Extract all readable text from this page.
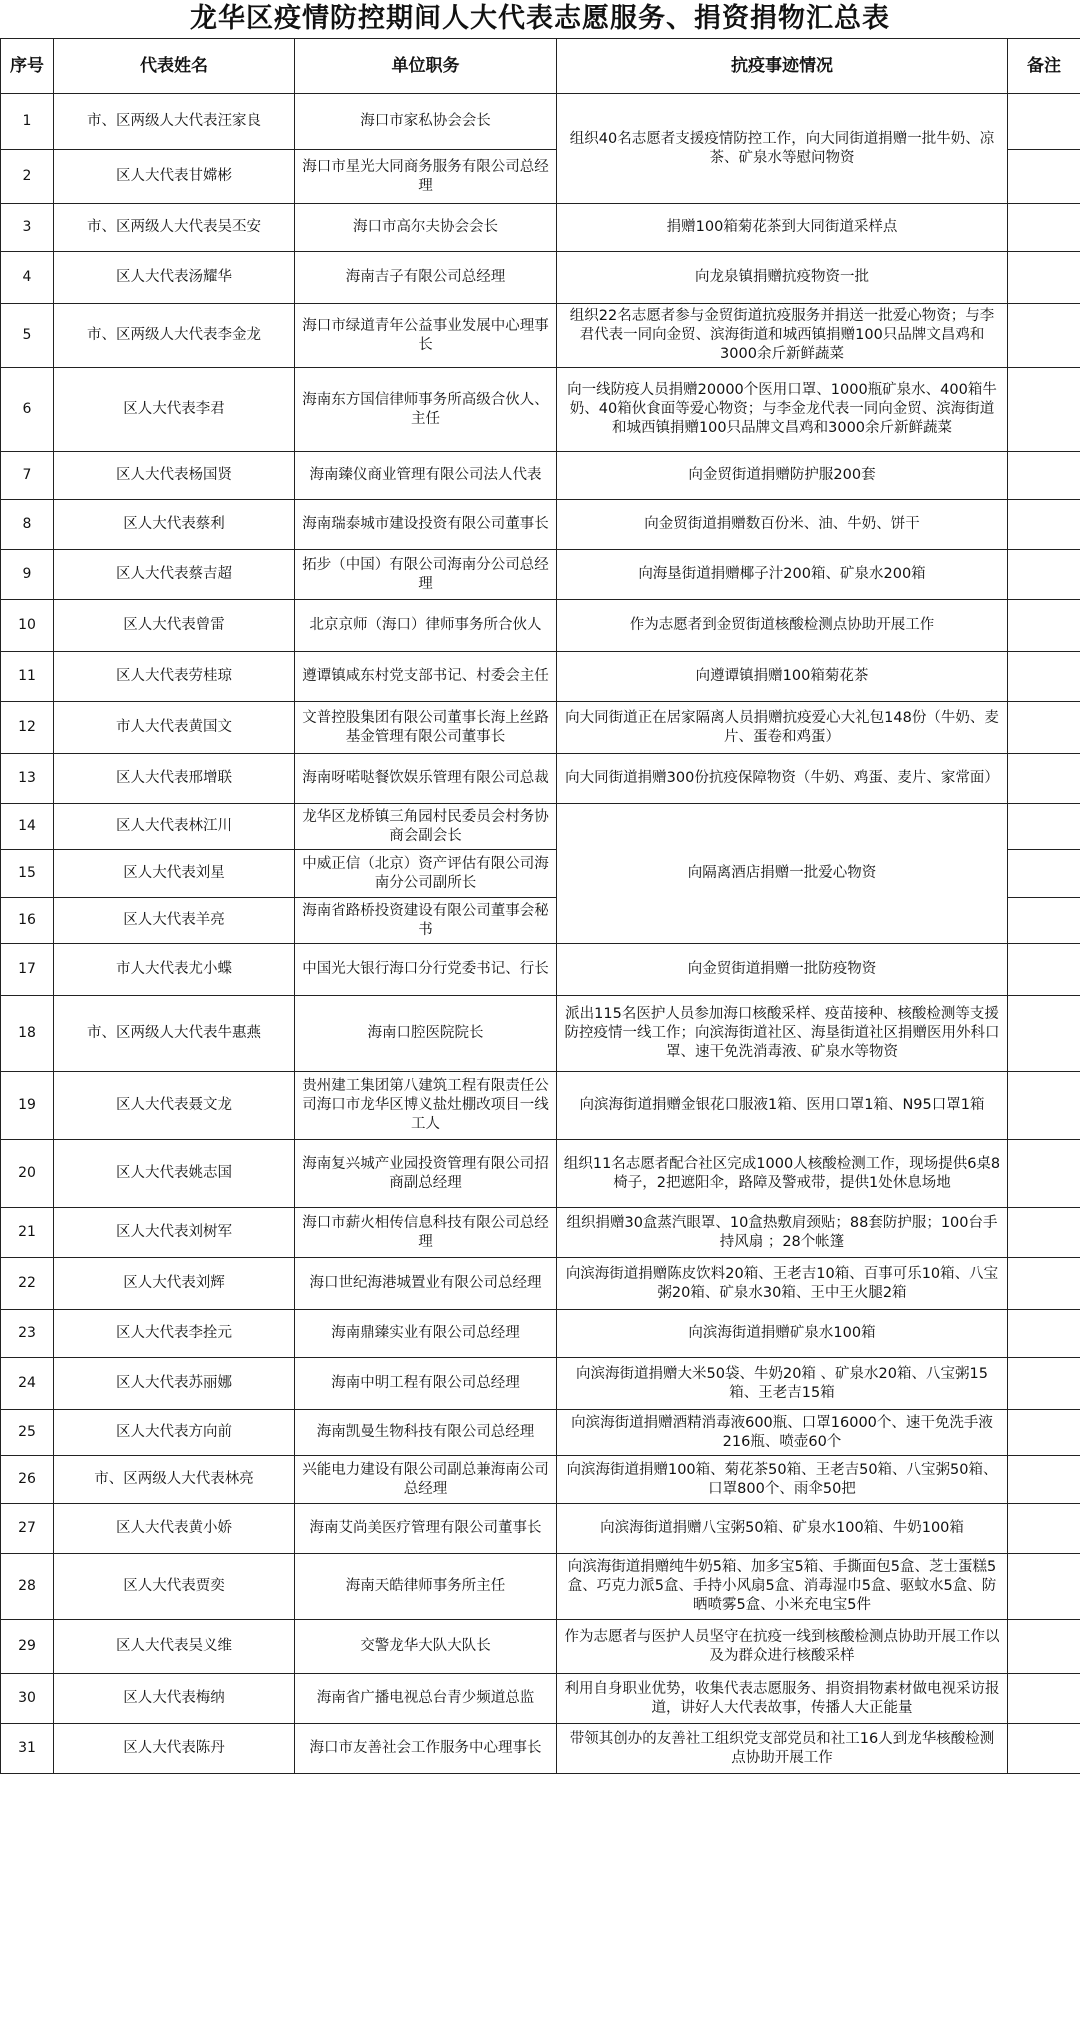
龙华区疫情防控期间人大代表志愿服务、捐资捐物汇总表
序号	代表姓名	单位职务	抗疫事迹情况	备注
1	市、区两级人大代表汪家良	海口市家私协会会长	组织40名志愿者支援疫情防控工作，向大同街道捐赠一批牛奶、凉茶、矿泉水等慰问物资	
2	区人大代表甘嫦彬	海口市星光大同商务服务有限公司总经理		
3	市、区两级人大代表吴丕安	海口市高尔夫协会会长	捐赠100箱菊花茶到大同街道采样点	
4	区人大代表汤耀华	海南吉子有限公司总经理	向龙泉镇捐赠抗疫物资一批	
5	市、区两级人大代表李金龙	海口市绿道青年公益事业发展中心理事长	组织22名志愿者参与金贸街道抗疫服务并捐送一批爱心物资；与李君代表一同向金贸、滨海街道和城西镇捐赠100只品牌文昌鸡和3000余斤新鲜蔬菜	
6	区人大代表李君	海南东方国信律师事务所高级合伙人、主任	向一线防疫人员捐赠20000个医用口罩、1000瓶矿泉水、400箱牛奶、40箱伙食面等爱心物资；与李金龙代表一同向金贸、滨海街道和城西镇捐赠100只品牌文昌鸡和3000余斤新鲜蔬菜	
7	区人大代表杨国贤	海南臻仪商业管理有限公司法人代表	向金贸街道捐赠防护服200套	
8	区人大代表蔡利	海南瑞泰城市建设投资有限公司董事长	向金贸街道捐赠数百份米、油、牛奶、饼干	
9	区人大代表蔡吉超	拓步（中国）有限公司海南分公司总经理	向海垦街道捐赠椰子汁200箱、矿泉水200箱	
10	区人大代表曾雷	北京京师（海口）律师事务所合伙人	作为志愿者到金贸街道核酸检测点协助开展工作	
11	区人大代表劳桂琼	遵谭镇咸东村党支部书记、村委会主任	向遵谭镇捐赠100箱菊花茶	
12	市人大代表黄国文	文普控股集团有限公司董事长海上丝路基金管理有限公司董事长	向大同街道正在居家隔离人员捐赠抗疫爱心大礼包148份（牛奶、麦片、蛋卷和鸡蛋）	
13	区人大代表邢增联	海南呀喏哒餐饮娱乐管理有限公司总裁	向大同街道捐赠300份抗疫保障物资（牛奶、鸡蛋、麦片、家常面）	
14	区人大代表林江川	龙华区龙桥镇三角园村民委员会村务协商会副会长	向隔离酒店捐赠一批爱心物资	
15	区人大代表刘星	中威正信（北京）资产评估有限公司海南分公司副所长		
16	区人大代表羊亮	海南省路桥投资建设有限公司董事会秘书		
17	市人大代表尤小蝶	中国光大银行海口分行党委书记、行长	向金贸街道捐赠一批防疫物资	
18	市、区两级人大代表牛惠燕	海南口腔医院院长	派出115名医护人员参加海口核酸采样、疫苗接种、核酸检测等支援防控疫情一线工作；向滨海街道社区、海垦街道社区捐赠医用外科口罩、速干免洗消毒液、矿泉水等物资	
19	区人大代表聂文龙	贵州建工集团第八建筑工程有限责任公司海口市龙华区博义盐灶棚改项目一线工人	向滨海街道捐赠金银花口服液1箱、医用口罩1箱、N95口罩1箱	
20	区人大代表姚志国	海南复兴城产业园投资管理有限公司招商副总经理	组织11名志愿者配合社区完成1000人核酸检测工作，现场提供6桌8椅子，2把遮阳伞，路障及警戒带，提供1处休息场地	
21	区人大代表刘树军	海口市薪火相传信息科技有限公司总经理	组织捐赠30盒蒸汽眼罩、10盒热敷肩颈贴；88套防护服；100台手持风扇 ；28个帐篷	
22	区人大代表刘辉	海口世纪海港城置业有限公司总经理	向滨海街道捐赠陈皮饮料20箱、王老吉10箱、百事可乐10箱、八宝粥20箱、矿泉水30箱、王中王火腿2箱	
23	区人大代表李拴元	海南鼎臻实业有限公司总经理	向滨海街道捐赠矿泉水100箱	
24	区人大代表苏丽娜	海南中明工程有限公司总经理	向滨海街道捐赠大米50袋、牛奶20箱 、矿泉水20箱、八宝粥15箱、王老吉15箱	
25	区人大代表方向前	海南凯曼生物科技有限公司总经理	向滨海街道捐赠酒精消毒液600瓶、口罩16000个、速干免洗手液216瓶、喷壶60个	
26	市、区两级人大代表林亮	兴能电力建设有限公司副总兼海南公司总经理	向滨海街道捐赠100箱、菊花茶50箱、王老吉50箱、八宝粥50箱、口罩800个、雨伞50把	
27	区人大代表黄小娇	海南艾尚美医疗管理有限公司董事长	向滨海街道捐赠八宝粥50箱、矿泉水100箱、牛奶100箱	
28	区人大代表贾奕	海南天皓律师事务所主任	向滨海街道捐赠纯牛奶5箱、加多宝5箱、手撕面包5盒、芝士蛋糕5盒、巧克力派5盒、手持小风扇5盒、消毒湿巾5盒、驱蚊水5盒、防晒喷雾5盒、小米充电宝5件	
29	区人大代表吴义维	交警龙华大队大队长	作为志愿者与医护人员坚守在抗疫一线到核酸检测点协助开展工作以及为群众进行核酸采样	
30	区人大代表梅纳	海南省广播电视总台青少频道总监	利用自身职业优势，收集代表志愿服务、捐资捐物素材做电视采访报道，讲好人大代表故事，传播人大正能量	
31	区人大代表陈丹	海口市友善社会工作服务中心理事长	带领其创办的友善社工组织党支部党员和社工16人到龙华核酸检测点协助开展工作	
